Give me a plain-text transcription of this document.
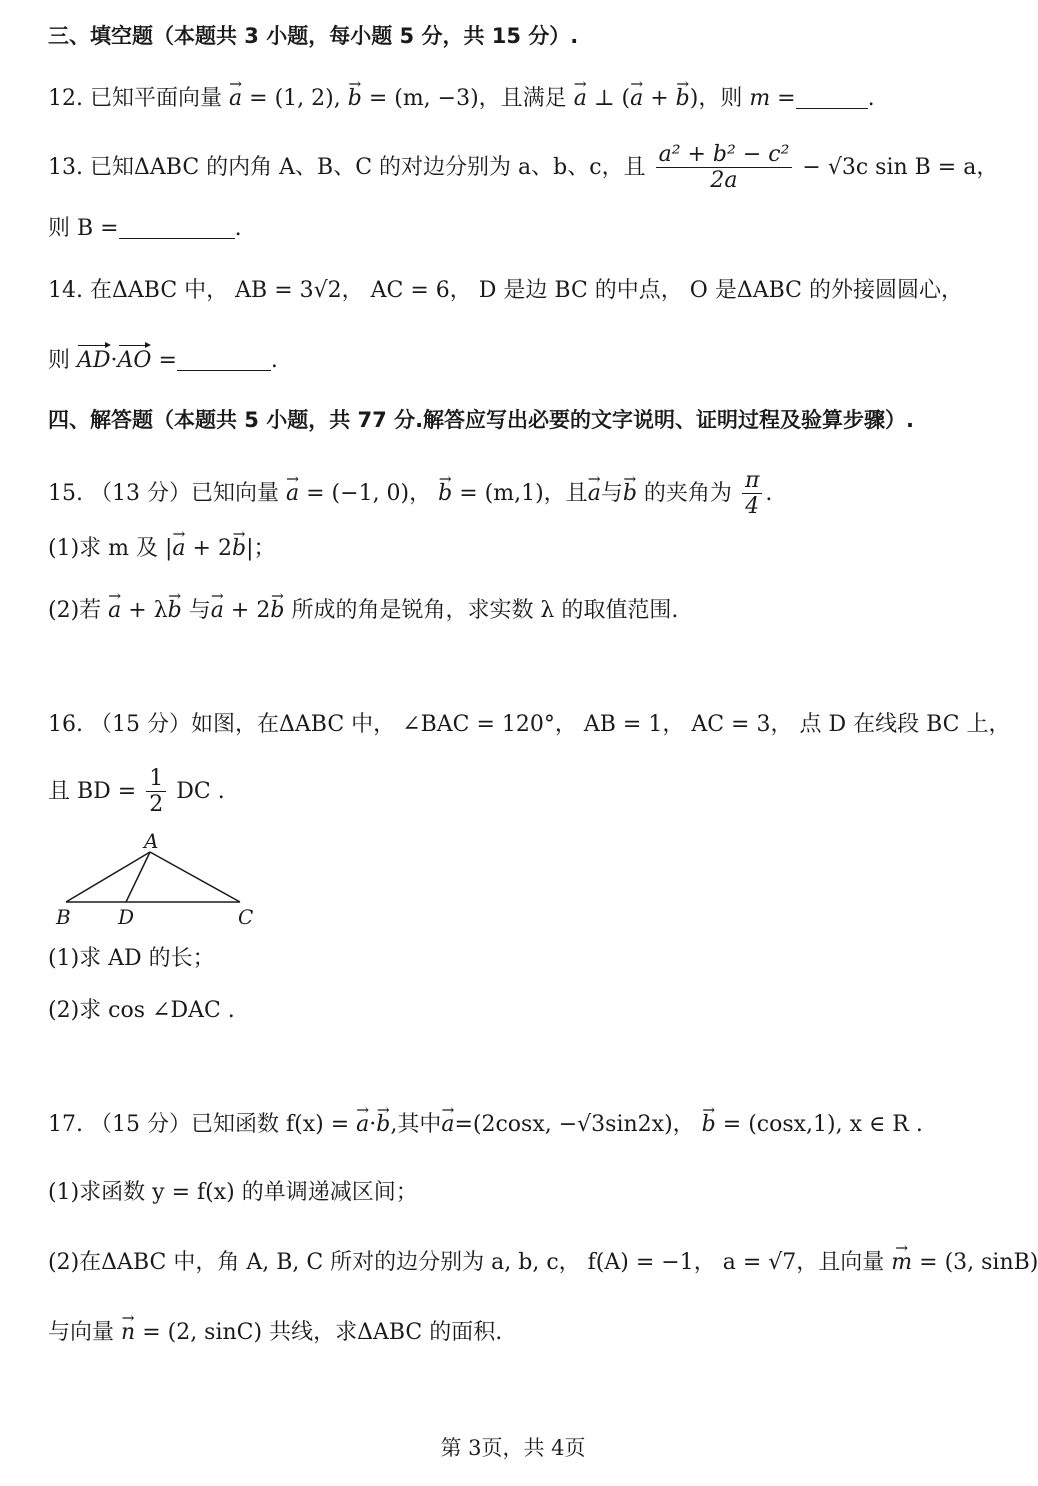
三、填空题（本题共 3 小题，每小题 5 分，共 15 分）.
12. 已知平面向量 → a = (1, 2), → b = (m, −3)，且满足 → a ⊥ (→ a + → b)，则 m =	.
13. 已知ΔABC 的内角 A、B、C 的对边分别为 a、b、c，且 $\frac{\text{a² + b² − c²}}{2a} - √3c$ sin B = a，
则 B =	.
14. 在ΔABC 中， AB = 3√2， AC = 6， D 是边 BC 的中点， O 是ΔABC 的外接圆圆心，
则 AD·AO =	.
四、解答题（本题共 5 小题，共 77 分.解答应写出必要的文字说明、证明过程及验算步骤）.
15. （13 分）已知向量 → a = (−1, 0)， → b = (m,1)，且→ a与→ b 的夹角为 $\frac{\pi}{4}$ .
(1)求 m 及 |→ a + 2→ b|；
(2)若 → a + λ→ b 与→ a + 2→ b 所成的角是锐角，求实数 λ 的取值范围.
16. （15 分）如图，在ΔABC 中， ∠BAC = 120°， AB = 1， AC = 3， 点 D 在线段 BC 上，
且 BD = $\frac{1}{2}$ DC .
A
B D	C
(1)求 AD 的长；
(2)求 cos ∠DAC .
17. （15 分）已知函数 f(x) = → a·→ b,其中→ a=(2cosx, −√3sin2x)， → b = (cosx,1), x ∈ R .
(1)求函数 y = f(x) 的单调递减区间；
(2)在ΔABC 中，角 A, B, C 所对的边分别为 a, b, c， f(A) = −1， a = √7，且向量 → m = (3, sinB)
与向量 → n = (2, sinC) 共线，求ΔABC 的面积.
第 3页，共 4页
